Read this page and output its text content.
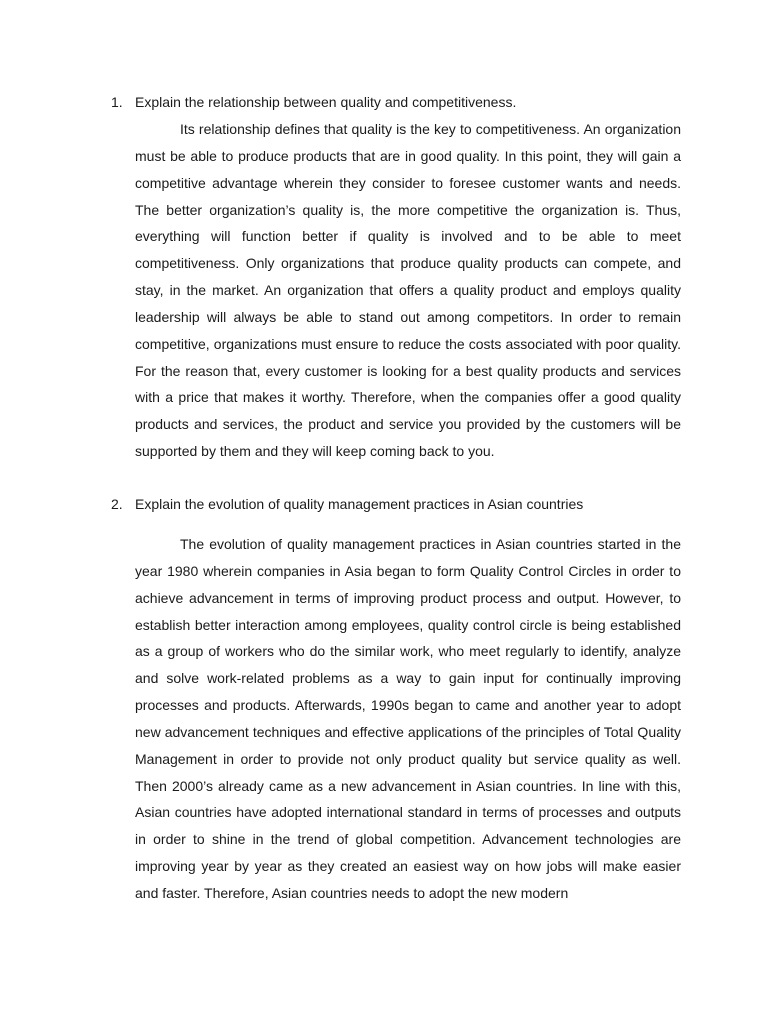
1. Explain the relationship between quality and competitiveness.

Its relationship defines that quality is the key to competitiveness. An organization must be able to produce products that are in good quality. In this point, they will gain a competitive advantage wherein they consider to foresee customer wants and needs. The better organization’s quality is, the more competitive the organization is. Thus, everything will function better if quality is involved and to be able to meet competitiveness. Only organizations that produce quality products can compete, and stay, in the market. An organization that offers a quality product and employs quality leadership will always be able to stand out among competitors. In order to remain competitive, organizations must ensure to reduce the costs associated with poor quality. For the reason that, every customer is looking for a best quality products and services with a price that makes it worthy. Therefore, when the companies offer a good quality products and services, the product and service you provided by the customers will be supported by them and they will keep coming back to you.

2. Explain the evolution of quality management practices in Asian countries

The evolution of quality management practices in Asian countries started in the year 1980 wherein companies in Asia began to form Quality Control Circles in order to achieve advancement in terms of improving product process and output. However, to establish better interaction among employees, quality control circle is being established as a group of workers who do the similar work, who meet regularly to identify, analyze and solve work-related problems as a way to gain input for continually improving processes and products. Afterwards, 1990s began to came and another year to adopt new advancement techniques and effective applications of the principles of Total Quality Management in order to provide not only product quality but service quality as well. Then 2000’s already came as a new advancement in Asian countries. In line with this, Asian countries have adopted international standard in terms of processes and outputs in order to shine in the trend of global competition. Advancement technologies are improving year by year as they created an easiest way on how jobs will make easier and faster. Therefore, Asian countries needs to adopt the new modern
